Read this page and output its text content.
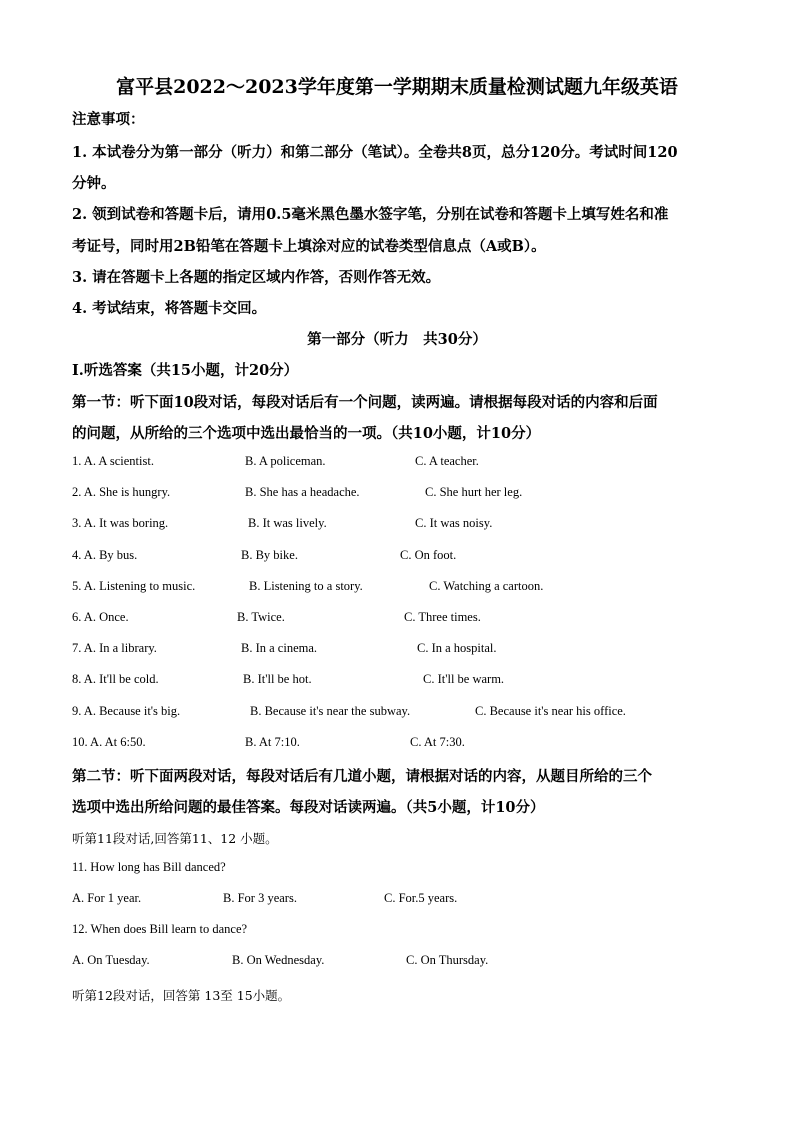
富平县2022～2023学年度第一学期期末质量检测试题九年级英语
注意事项：
1. 本试卷分为第一部分（听力）和第二部分（笔试）。全卷共8页，总分120分。考试时间120
分钟。
2. 领到试卷和答题卡后，请用0.5毫米黑色墨水签字笔，分别在试卷和答题卡上填写姓名和准
考证号，同时用2B铅笔在答题卡上填涂对应的试卷类型信息点（A或B）。
3. 请在答题卡上各题的指定区域内作答，否则作答无效。
4. 考试结束，将答题卡交回。
第一部分（听力　共30分）
Ⅰ.听选答案（共15小题，计20分）
第一节：听下面10段对话，每段对话后有一个问题，读两遍。请根据每段对话的内容和后面
的问题，从所给的三个选项中选出最恰当的一项。（共10小题，计10分）
1. A. A scientist.	B. A policeman.	C. A teacher.
2. A. She is hungry.	B. She has a headache.	C. She hurt her leg.
3. A. It was boring.	B. It was lively.	C. It was noisy.
4. A. By bus.	B. By bike.	C. On foot.
5. A. Listening to music.	B. Listening to a story.	C. Watching a cartoon.
6. A. Once.	B. Twice.	C. Three times.
7. A. In a library.	B. In a cinema.	C. In a hospital.
8. A. It'll be cold.	B. It'll be hot.	C. It'll be warm.
9. A. Because it's big.	B. Because it's near the subway.	C. Because it's near his office.
10. A. At 6:50.	B. At 7:10.	C. At 7:30.
第二节：听下面两段对话，每段对话后有几道小题，请根据对话的内容，从题目所给的三个
选项中选出所给问题的最佳答案。每段对话读两遍。（共5小题，计10分）
听第11段对话,回答第11、12 小题。
11. How long has Bill danced?
A. For 1 year.	B. For 3 years.	C. For.5 years.
12. When does Bill learn to dance?
A. On Tuesday.	B. On Wednesday.	C. On Thursday.
听第12段对话，回答第 13至 15小题。
